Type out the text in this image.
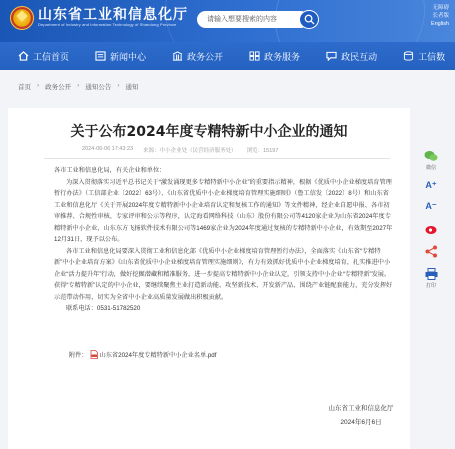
山东省工业和信息化厅
Department of Industry and Information Technology of Shandong Province
请输入想要搜索的内容
无障碍
长者版
English
工信首页	新闻中心	政务公开	政务服务	政民互动	工信数
首页 › 政务公开 › 通知公告 › 通知
关于公布2024年度专精特新中小企业的通知
2024-06-06 17:43:23 来源：中小企业处（民营经济服务处） 浏览：15197

各市工业和信息化局，有关企业和单位：

为深入贯彻落实习近平总书记关于“激发涌现更多专精特新中小企业”的重要指示精神，根据《优质中小企业梯度培育管理暂行办法》（工信部企业〔2022〕63号）、《山东省优质中小企业梯度培育管理实施细则》（鲁工信发〔2022〕8号）和山东省工业和信息化厅《关于开展2024年度专精特新中小企业培育认定和复核工作的通知》等文件精神，经企业自愿申报、各市初审推荐、合规性审核、专家评审和公示等程序，认定海看网络科技（山东）股份有限公司等4120家企业为山东省2024年度专精特新中小企业，山东东方飞扬软件技术有限公司等1469家企业为2024年度通过复核的专精特新中小企业，有效期至2027年12月31日，现予以公布。

各市工业和信息化局要深入贯彻工业和信息化部《优质中小企业梯度培育管理暂行办法》，全面落实《山东省“专精特新”中小企业培育方案》《山东省优质中小企业梯度培育管理实施细则》，有力有效抓好优质中小企业梯度培育，扎实推进中小企业“活力提升年”行动，做好挖掘潜藏和精准服务，进一步提高专精特新中小企业认定，引领支持中小企业“专精特新”发展。获得“专精特新”认定的中小企业，要继续聚焦主业打造新动能、攻坚新技术、开发新产品、围绕产业链配套能力，充分发挥好示范带动作用，切实为全省中小企业高质量发展做出积极贡献。

联系电话：0531-51782520

附件： 山东省2024年度专精特新中小企业名单.pdf
山东省工业和信息化厅
2024年6月6日
微信
A⁺
A⁻
打印
